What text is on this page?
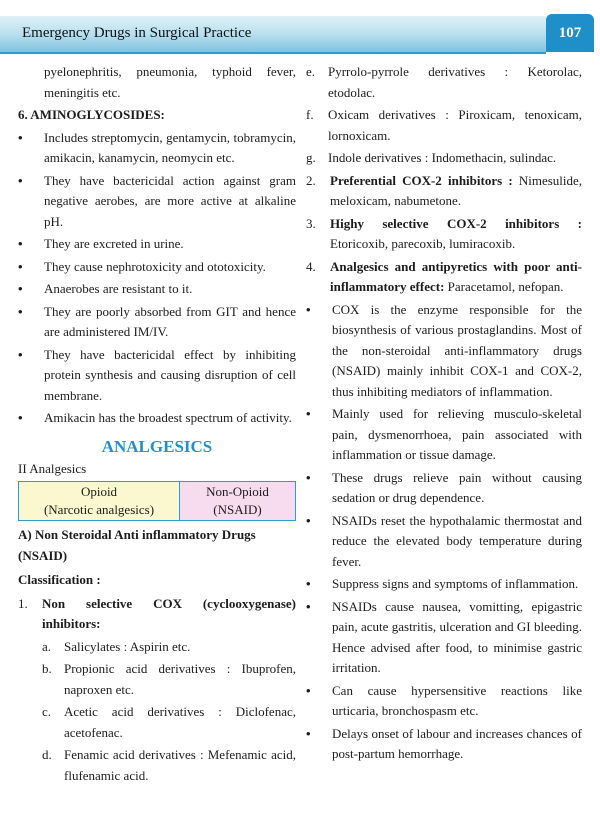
Emergency Drugs in Surgical Practice	107

pyelonephritis, pneumonia, typhoid fever, meningitis etc.

6. AMINOGLYCOSIDES:

• Includes streptomycin, gentamycin, tobramycin, amikacin, kanamycin, neomycin etc.
• They have bactericidal action against gram negative aerobes, are more active at alkaline pH.
• They are excreted in urine.
• They cause nephrotoxicity and ototoxicity.
• Anaerobes are resistant to it.
• They are poorly absorbed from GIT and hence are administered IM/IV.
• They have bactericidal effect by inhibiting protein synthesis and causing disruption of cell membrane.
• Amikacin has the broadest spectrum of activity.

ANALGESICS

II Analgesics

Opioid
(Narcotic analgesics)
Non-Opioid
(NSAID)

A) Non Steroidal Anti inflammatory Drugs (NSAID)

Classification :

1. Non selective COX (cyclooxygenase) inhibitors:
a. Salicylates : Aspirin etc.
b. Propionic acid derivatives : Ibuprofen, naproxen etc.
c. Acetic acid derivatives : Diclofenac, acetofenac.
d. Fenamic acid derivatives : Mefenamic acid, flufenamic acid.
e. Pyrrolo-pyrrole derivatives : Ketorolac, etodolac.
f. Oxicam derivatives : Piroxicam, tenoxicam, lornoxicam.
g. Indole derivatives : Indomethacin, sulindac.
2. Preferential COX-2 inhibitors : Nimesulide, meloxicam, nabumetone.
3. Highy selective COX-2 inhibitors : Etoricoxib, parecoxib, lumiracoxib.
4. Analgesics and antipyretics with poor anti-inflammatory effect: Paracetamol, nefopan.
• COX is the enzyme responsible for the biosynthesis of various prostaglandins. Most of the non-steroidal anti-inflammatory drugs (NSAID) mainly inhibit COX-1 and COX-2, thus inhibiting mediators of inflammation.
• Mainly used for relieving musculo-skeletal pain, dysmenorrhoea, pain associated with inflammation or tissue damage.
• These drugs relieve pain without causing sedation or drug dependence.
• NSAIDs reset the hypothalamic thermostat and reduce the elevated body temperature during fever.
• Suppress signs and symptoms of inflammation.
• NSAIDs cause nausea, vomitting, epigastric pain, acute gastritis, ulceration and GI bleeding. Hence advised after food, to minimise gastric irritation.
• Can cause hypersensitive reactions like urticaria, bronchospasm etc.
• Delays onset of labour and increases chances of post-partum hemorrhage.
